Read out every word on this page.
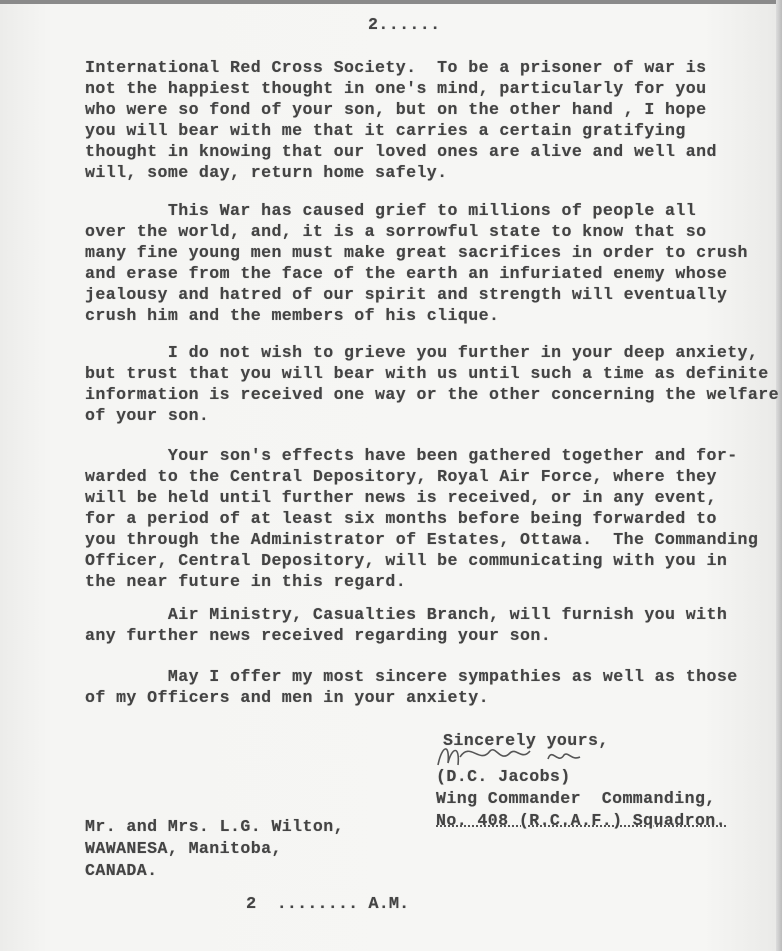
2......
International Red Cross Society.  To be a prisoner of war is
not the happiest thought in one's mind, particularly for you
who were so fond of your son, but on the other hand , I hope
you will bear with me that it carries a certain gratifying
thought in knowing that our loved ones are alive and well and
will, some day, return home safely.
This War has caused grief to millions of people all
over the world, and, it is a sorrowful state to know that so
many fine young men must make great sacrifices in order to crush
and erase from the face of the earth an infuriated enemy whose
jealousy and hatred of our spirit and strength will eventually
crush him and the members of his clique.
I do not wish to grieve you further in your deep anxiety,
but trust that you will bear with us until such a time as definite
information is received one way or the other concerning the welfare
of your son.
Your son's effects have been gathered together and for-
warded to the Central Depository, Royal Air Force, where they
will be held until further news is received, or in any event,
for a period of at least six months before being forwarded to
you through the Administrator of Estates, Ottawa.  The Commanding
Officer, Central Depository, will be communicating with you in
the near future in this regard.
Air Ministry, Casualties Branch, will furnish you with
any further news received regarding your son.
May I offer my most sincere sympathies as well as those
of my Officers and men in your anxiety.
Sincerely yours,
(D.C. Jacobs)
Wing Commander  Commanding,
No. 408 (R.C.A.F.) Squadron.
Mr. and Mrs. L.G. Wilton,
WAWANESA, Manitoba,
CANADA.
2  ........ A.M.
